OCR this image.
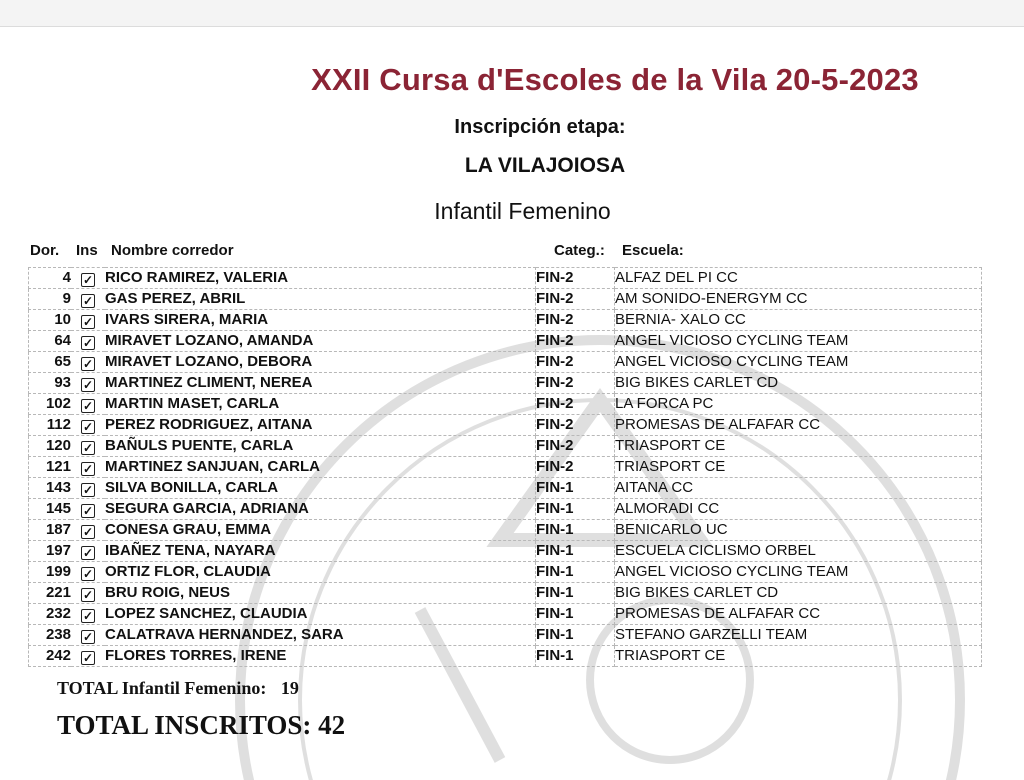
XXII Cursa d'Escoles de la Vila 20-5-2023
Inscripción etapa:
LA VILAJOIOSA
Infantil Femenino
Dor. Ins Nombre corredor	Categ.: Escuela:
4	✓	RICO RAMIREZ, VALERIA	FIN-2	ALFAZ DEL PI CC
9	✓	GAS PEREZ, ABRIL	FIN-2	AM SONIDO-ENERGYM CC
10	✓	IVARS SIRERA, MARIA	FIN-2	BERNIA- XALO CC
64	✓	MIRAVET LOZANO, AMANDA	FIN-2	ANGEL VICIOSO CYCLING TEAM
65	✓	MIRAVET LOZANO, DEBORA	FIN-2	ANGEL VICIOSO CYCLING TEAM
93	✓	MARTINEZ CLIMENT, NEREA	FIN-2	BIG BIKES CARLET CD
102	✓	MARTIN MASET, CARLA	FIN-2	LA FORCA PC
112	✓	PEREZ RODRIGUEZ, AITANA	FIN-2	PROMESAS DE ALFAFAR CC
120	✓	BAÑULS PUENTE, CARLA	FIN-2	TRIASPORT CE
121	✓	MARTINEZ SANJUAN, CARLA	FIN-2	TRIASPORT CE
143	✓	SILVA BONILLA, CARLA	FIN-1	AITANA CC
145	✓	SEGURA GARCIA, ADRIANA	FIN-1	ALMORADI CC
187	✓	CONESA GRAU, EMMA	FIN-1	BENICARLO UC
197	✓	IBAÑEZ TENA, NAYARA	FIN-1	ESCUELA CICLISMO ORBEL
199	✓	ORTIZ FLOR, CLAUDIA	FIN-1	ANGEL VICIOSO CYCLING TEAM
221	✓	BRU ROIG, NEUS	FIN-1	BIG BIKES CARLET CD
232	✓	LOPEZ SANCHEZ, CLAUDIA	FIN-1	PROMESAS DE ALFAFAR CC
238	✓	CALATRAVA HERNANDEZ, SARA	FIN-1	STEFANO GARZELLI TEAM
242	✓	FLORES TORRES, IRENE	FIN-1	TRIASPORT CE
TOTAL Infantil Femenino: 19
TOTAL INSCRITOS: 42
